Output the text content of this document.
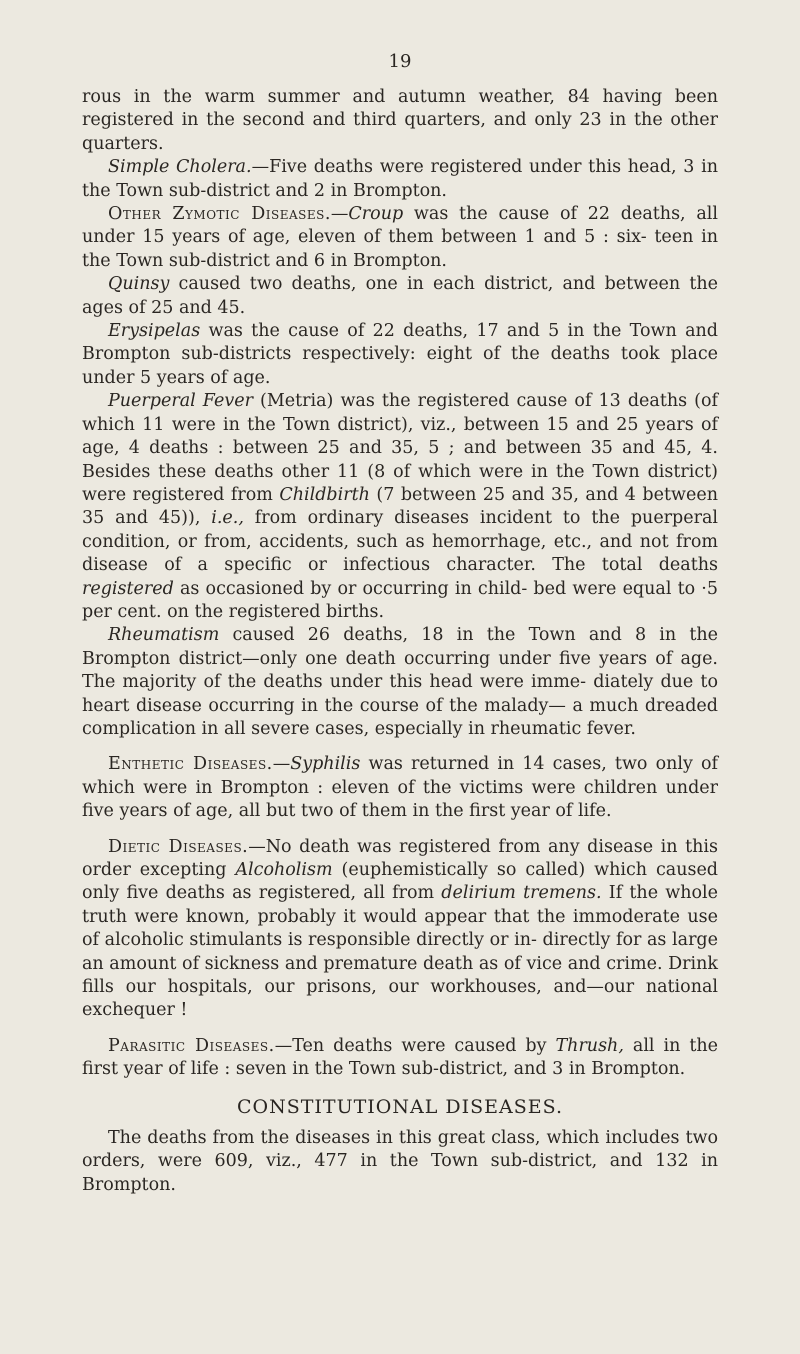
19

rous in the warm summer and autumn weather, 84 having been registered in the second and third quarters, and only 23 in the other quarters.

Simple Cholera.—Five deaths were registered under this head, 3 in the Town sub-district and 2 in Brompton.

Other Zymotic Diseases.—Croup was the cause of 22 deaths, all under 15 years of age, eleven of them between 1 and 5 : six- teen in the Town sub-district and 6 in Brompton.

Quinsy caused two deaths, one in each district, and between the ages of 25 and 45.

Erysipelas was the cause of 22 deaths, 17 and 5 in the Town and Brompton sub-districts respectively: eight of the deaths took place under 5 years of age.

Puerperal Fever (Metria) was the registered cause of 13 deaths (of which 11 were in the Town district), viz., between 15 and 25 years of age, 4 deaths : between 25 and 35, 5 ; and between 35 and 45, 4. Besides these deaths other 11 (8 of which were in the Town district) were registered from Childbirth (7 between 25 and 35, and 4 between 35 and 45)), i.e., from ordinary diseases incident to the puerperal condition, or from, accidents, such as hemorrhage, etc., and not from disease of a specific or infectious character. The total deaths registered as occasioned by or occurring in child- bed were equal to ·5 per cent. on the registered births.

Rheumatism caused 26 deaths, 18 in the Town and 8 in the Brompton district—only one death occurring under five years of age. The majority of the deaths under this head were imme- diately due to heart disease occurring in the course of the malady— a much dreaded complication in all severe cases, especially in rheumatic fever.

Enthetic Diseases.—Syphilis was returned in 14 cases, two only of which were in Brompton : eleven of the victims were children under five years of age, all but two of them in the first year of life.

Dietic Diseases.—No death was registered from any disease in this order excepting Alcoholism (euphemistically so called) which caused only five deaths as registered, all from delirium tremens. If the whole truth were known, probably it would appear that the immoderate use of alcoholic stimulants is responsible directly or in- directly for as large an amount of sickness and premature death as of vice and crime. Drink fills our hospitals, our prisons, our workhouses, and—our national exchequer !

Parasitic Diseases.—Ten deaths were caused by Thrush, all in the first year of life : seven in the Town sub-district, and 3 in Brompton.

CONSTITUTIONAL DISEASES.

The deaths from the diseases in this great class, which includes two orders, were 609, viz., 477 in the Town sub-district, and 132 in Brompton.
